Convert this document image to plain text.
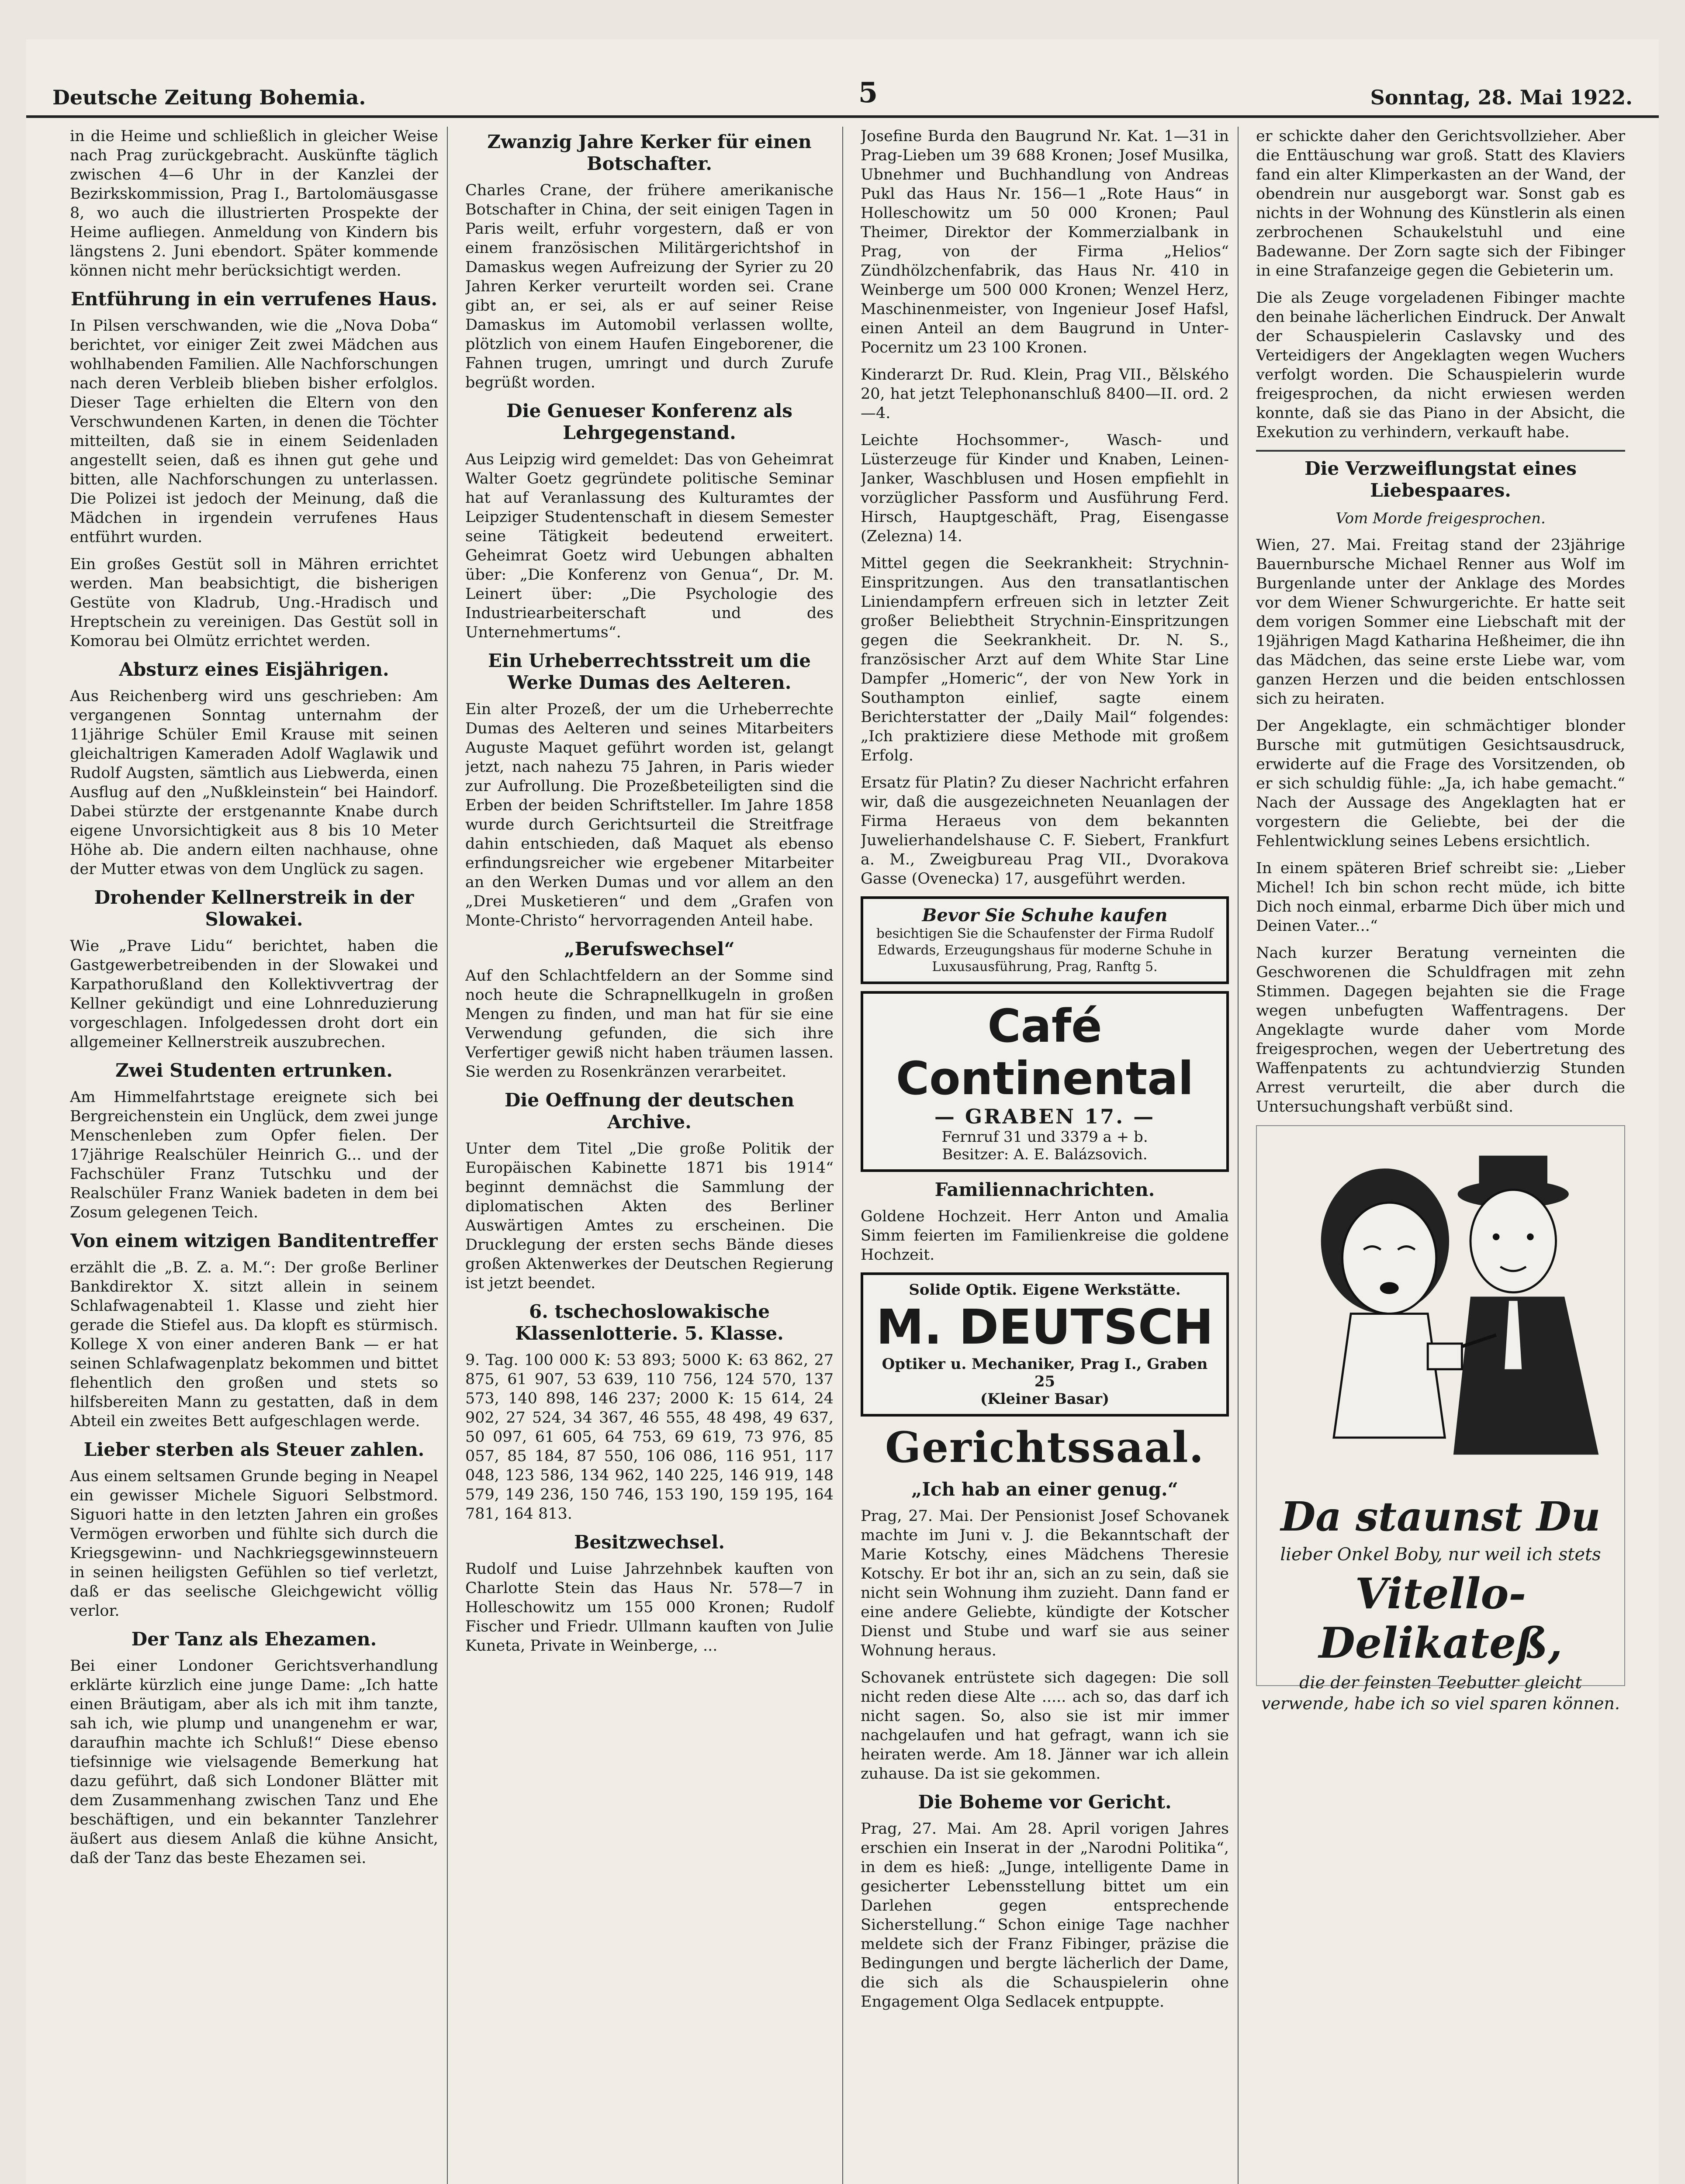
Deutsche Zeitung Bohemia.	5	Sonntag, 28. Mai 1922.

in die Heime und schließlich in gleicher Weise nach Prag zurückgebracht. Auskünfte täglich zwischen 4—6 Uhr in der Kanzlei der Bezirkskommission, Prag I., Bartolomäusgasse 8, wo auch die illustrierten Prospekte der Heime aufliegen. Anmeldung von Kindern bis längstens 2. Juni ebendort. Später kommende können nicht mehr berücksichtigt werden.

Entführung in ein verrufenes Haus.

In Pilsen verschwanden, wie die „Nova Doba“ berichtet, vor einiger Zeit zwei Mädchen aus wohlhabenden Familien. Alle Nachforschungen nach deren Verbleib blieben bisher erfolglos. Dieser Tage erhielten die Eltern von den Verschwundenen Karten, in denen die Töchter mitteilten, daß sie in einem Seidenladen angestellt seien, daß es ihnen gut gehe und bitten, alle Nachforschungen zu unterlassen. Die Polizei ist jedoch der Meinung, daß die Mädchen in irgendein verrufenes Haus entführt wurden.

Ein großes Gestüt soll in Mähren errichtet werden. Man beabsichtigt, die bisherigen Gestüte von Kladrub, Ung.-Hradisch und Hreptschein zu vereinigen. Das Gestüt soll in Komorau bei Olmütz errichtet werden.

Absturz eines Eisjährigen.

Aus Reichenberg wird uns geschrieben: Am vergangenen Sonntag unternahm der 11jährige Schüler Emil Krause mit seinen gleichaltrigen Kameraden Adolf Waglawik und Rudolf Augsten, sämtlich aus Liebwerda, einen Ausflug auf den „Nußkleinstein“ bei Haindorf. Dabei stürzte der erstgenannte Knabe durch eigene Unvorsichtigkeit aus 8 bis 10 Meter Höhe ab. Die andern eilten nachhause, ohne der Mutter etwas von dem Unglück zu sagen.

Drohender Kellnerstreik in der Slowakei.

Wie „Prave Lidu“ berichtet, haben die Gastgewerbetreibenden in der Slowakei und Karpathorußland den Kollektivvertrag der Kellner gekündigt und eine Lohnreduzierung vorgeschlagen. Infolgedessen droht dort ein allgemeiner Kellnerstreik auszubrechen.

Zwei Studenten ertrunken.

Am Himmelfahrtstage ereignete sich bei Bergreichenstein ein Unglück, dem zwei junge Menschenleben zum Opfer fielen. Der 17jährige Realschüler Heinrich G... und der Fachschüler Franz Tutschku und der Realschüler Franz Waniek badeten in dem bei Zosum gelegenen Teich.

Von einem witzigen Banditentreffer

erzählt die „B. Z. a. M.“: Der große Berliner Bankdirektor X. sitzt allein in seinem Schlafwagenabteil 1. Klasse und zieht hier gerade die Stiefel aus. Da klopft es stürmisch. Kollege X von einer anderen Bank — er hat seinen Schlafwagenplatz bekommen und bittet flehentlich den großen und stets so hilfsbereiten Mann zu gestatten, daß in dem Abteil ein zweites Bett aufgeschlagen werde.

Lieber sterben als Steuer zahlen.

Aus einem seltsamen Grunde beging in Neapel ein gewisser Michele Siguori Selbstmord. Siguori hatte in den letzten Jahren ein großes Vermögen erworben und fühlte sich durch die Kriegsgewinn- und Nachkriegsgewinnsteuern in seinen heiligsten Gefühlen so tief verletzt, daß er das seelische Gleichgewicht völlig verlor.

Der Tanz als Ehezamen.

Bei einer Londoner Gerichtsverhandlung erklärte kürzlich eine junge Dame: „Ich hatte einen Bräutigam, aber als ich mit ihm tanzte, sah ich, wie plump und unangenehm er war, daraufhin machte ich Schluß!“ Diese ebenso tiefsinnige wie vielsagende Bemerkung hat dazu geführt, daß sich Londoner Blätter mit dem Zusammenhang zwischen Tanz und Ehe beschäftigen, und ein bekannter Tanzlehrer äußert aus diesem Anlaß die kühne Ansicht, daß der Tanz das beste Ehezamen sei.

Zwanzig Jahre Kerker für einen Botschafter.

Charles Crane, der frühere amerikanische Botschafter in China, der seit einigen Tagen in Paris weilt, erfuhr vorgestern, daß er von einem französischen Militärgerichtshof in Damaskus wegen Aufreizung der Syrier zu 20 Jahren Kerker verurteilt worden sei. Crane gibt an, er sei, als er auf seiner Reise Damaskus im Automobil verlassen wollte, plötzlich von einem Haufen Eingeborener, die Fahnen trugen, umringt und durch Zurufe begrüßt worden.

Die Genueser Konferenz als Lehrgegenstand.

Aus Leipzig wird gemeldet: Das von Geheimrat Walter Goetz gegründete politische Seminar hat auf Veranlassung des Kulturamtes der Leipziger Studentenschaft in diesem Semester seine Tätigkeit bedeutend erweitert. Geheimrat Goetz wird Uebungen abhalten über: „Die Konferenz von Genua“, Dr. M. Leinert über: „Die Psychologie des Industriearbeiterschaft und des Unternehmertums“.

Ein Urheberrechtsstreit um die Werke Dumas des Aelteren.

Ein alter Prozeß, der um die Urheberrechte Dumas des Aelteren und seines Mitarbeiters Auguste Maquet geführt worden ist, gelangt jetzt, nach nahezu 75 Jahren, in Paris wieder zur Aufrollung. Die Prozeßbeteiligten sind die Erben der beiden Schriftsteller. Im Jahre 1858 wurde durch Gerichtsurteil die Streitfrage dahin entschieden, daß Maquet als ebenso erfindungsreicher wie ergebener Mitarbeiter an den Werken Dumas und vor allem an den „Drei Musketieren“ und dem „Grafen von Monte-Christo“ hervorragenden Anteil habe.

„Berufswechsel“

Auf den Schlachtfeldern an der Somme sind noch heute die Schrapnellkugeln in großen Mengen zu finden, und man hat für sie eine Verwendung gefunden, die sich ihre Verfertiger gewiß nicht haben träumen lassen. Sie werden zu Rosenkränzen verarbeitet.

Die Oeffnung der deutschen Archive.

Unter dem Titel „Die große Politik der Europäischen Kabinette 1871 bis 1914“ beginnt demnächst die Sammlung der diplomatischen Akten des Berliner Auswärtigen Amtes zu erscheinen. Die Drucklegung der ersten sechs Bände dieses großen Aktenwerkes der Deutschen Regierung ist jetzt beendet.

6. tschechoslowakische Klassenlotterie. 5. Klasse.

9. Tag. 100 000 K: 53 893; 5000 K: 63 862, 27 875, 61 907, 53 639, 110 756, 124 570, 137 573, 140 898, 146 237; 2000 K: 15 614, 24 902, 27 524, 34 367, 46 555, 48 498, 49 637, 50 097, 61 605, 64 753, 69 619, 73 976, 85 057, 85 184, 87 550, 106 086, 116 951, 117 048, 123 586, 134 962, 140 225, 146 919, 148 579, 149 236, 150 746, 153 190, 159 195, 164 781, 164 813.

Besitzwechsel.

Rudolf und Luise Jahrzehnbek kauften von Charlotte Stein das Haus Nr. 578—7 in Holleschowitz um 155 000 Kronen; Rudolf Fischer und Friedr. Ullmann kauften von Julie Kuneta, Private in Weinberge, ...

Josefine Burda den Baugrund Nr. Kat. 1—31 in Prag-Lieben um 39 688 Kronen; Josef Musilka, Ubnehmer und Buchhandlung von Andreas Pukl das Haus Nr. 156—1 „Rote Haus“ in Holleschowitz um 50 000 Kronen; Paul Theimer, Direktor der Kommerzialbank in Prag, von der Firma „Helios“ Zündhölzchenfabrik, das Haus Nr. 410 in Weinberge um 500 000 Kronen; Wenzel Herz, Maschinenmeister, von Ingenieur Josef Hafsl, einen Anteil an dem Baugrund in Unter-Pocernitz um 23 100 Kronen.

Kinderarzt Dr. Rud. Klein, Prag VII., Bělského 20, hat jetzt Telephonanschluß 8400—II. ord. 2—4.

Leichte Hochsommer-, Wasch- und Lüsterzeuge für Kinder und Knaben, Leinen-Janker, Waschblusen und Hosen empfiehlt in vorzüglicher Passform und Ausführung Ferd. Hirsch, Hauptgeschäft, Prag, Eisengasse (Zelezna) 14.

Mittel gegen die Seekrankheit: Strychnin-Einspritzungen. Aus den transatlantischen Liniendampfern erfreuen sich in letzter Zeit großer Beliebtheit Strychnin-Einspritzungen gegen die Seekrankheit. Dr. N. S., französischer Arzt auf dem White Star Line Dampfer „Homeric“, der von New York in Southampton einlief, sagte einem Berichterstatter der „Daily Mail“ folgendes: „Ich praktiziere diese Methode mit großem Erfolg.

Ersatz für Platin? Zu dieser Nachricht erfahren wir, daß die ausgezeichneten Neuanlagen der Firma Heraeus von dem bekannten Juwelierhandelshause C. F. Siebert, Frankfurt a. M., Zweigbureau Prag VII., Dvorakova Gasse (Ovenecka) 17, ausgeführt werden.

Bevor Sie Schuhe kaufen
besichtigen Sie die Schaufenster der Firma Rudolf Edwards, Erzeugungshaus für moderne Schuhe in Luxusausführung, Prag, Ranftg 5.
Café Continental
— GRABEN 17. —
Fernruf 31 und 3379 a + b.
Besitzer: A. E. Balázsovich.
Familiennachrichten.

Goldene Hochzeit. Herr Anton und Amalia Simm feierten im Familienkreise die goldene Hochzeit.

Solide Optik. Eigene Werkstätte.
M. DEUTSCH
Optiker u. Mechaniker, Prag I., Graben 25
(Kleiner Basar)
Gerichtssaal.
„Ich hab an einer genug.“

Prag, 27. Mai. Der Pensionist Josef Schovanek machte im Juni v. J. die Bekanntschaft der Marie Kotschy, eines Mädchens Theresie Kotschy. Er bot ihr an, sich an zu sein, daß sie nicht sein Wohnung ihm zuzieht. Dann fand er eine andere Geliebte, kündigte der Kotscher Dienst und Stube und warf sie aus seiner Wohnung heraus.

Schovanek entrüstete sich dagegen: Die soll nicht reden diese Alte ..... ach so, das darf ich nicht sagen. So, also sie ist mir immer nachgelaufen und hat gefragt, wann ich sie heiraten werde. Am 18. Jänner war ich allein zuhause. Da ist sie gekommen.

Die Boheme vor Gericht.

Prag, 27. Mai. Am 28. April vorigen Jahres erschien ein Inserat in der „Narodni Politika“, in dem es hieß: „Junge, intelligente Dame in gesicherter Lebensstellung bittet um ein Darlehen gegen entsprechende Sicherstellung.“ Schon einige Tage nachher meldete sich der Franz Fibinger, präzise die Bedingungen und bergte lächerlich der Dame, die sich als die Schauspielerin ohne Engagement Olga Sedlacek entpuppte.

er schickte daher den Gerichtsvollzieher. Aber die Enttäuschung war groß. Statt des Klaviers fand ein alter Klimperkasten an der Wand, der obendrein nur ausgeborgt war. Sonst gab es nichts in der Wohnung des Künstlerin als einen zerbrochenen Schaukelstuhl und eine Badewanne. Der Zorn sagte sich der Fibinger in eine Strafanzeige gegen die Gebieterin um.

Die als Zeuge vorgeladenen Fibinger machte den beinahe lächerlichen Eindruck. Der Anwalt der Schauspielerin Caslavsky und des Verteidigers der Angeklagten wegen Wuchers verfolgt worden. Die Schauspielerin wurde freigesprochen, da nicht erwiesen werden konnte, daß sie das Piano in der Absicht, die Exekution zu verhindern, verkauft habe.

Die Verzweiflungstat eines Liebespaares.
Vom Morde freigesprochen.

Wien, 27. Mai. Freitag stand der 23jährige Bauernbursche Michael Renner aus Wolf im Burgenlande unter der Anklage des Mordes vor dem Wiener Schwurgerichte. Er hatte seit dem vorigen Sommer eine Liebschaft mit der 19jährigen Magd Katharina Heßheimer, die ihn das Mädchen, das seine erste Liebe war, vom ganzen Herzen und die beiden entschlossen sich zu heiraten.

Der Angeklagte, ein schmächtiger blonder Bursche mit gutmütigen Gesichtsausdruck, erwiderte auf die Frage des Vorsitzenden, ob er sich schuldig fühle: „Ja, ich habe gemacht.“ Nach der Aussage des Angeklagten hat er vorgestern die Geliebte, bei der die Fehlentwicklung seines Lebens ersichtlich.

In einem späteren Brief schreibt sie: „Lieber Michel! Ich bin schon recht müde, ich bitte Dich noch einmal, erbarme Dich über mich und Deinen Vater...“

Nach kurzer Beratung verneinten die Geschworenen die Schuldfragen mit zehn Stimmen. Dagegen bejahten sie die Frage wegen unbefugten Waffentragens. Der Angeklagte wurde daher vom Morde freigesprochen, wegen der Uebertretung des Waffenpatents zu achtundvierzig Stunden Arrest verurteilt, die aber durch die Untersuchungshaft verbüßt sind.

Da staunst Du
lieber Onkel Boby, nur weil ich stets
Vitello-Delikateß,
die der feinsten Teebutter gleicht verwende, habe ich so viel sparen können.
